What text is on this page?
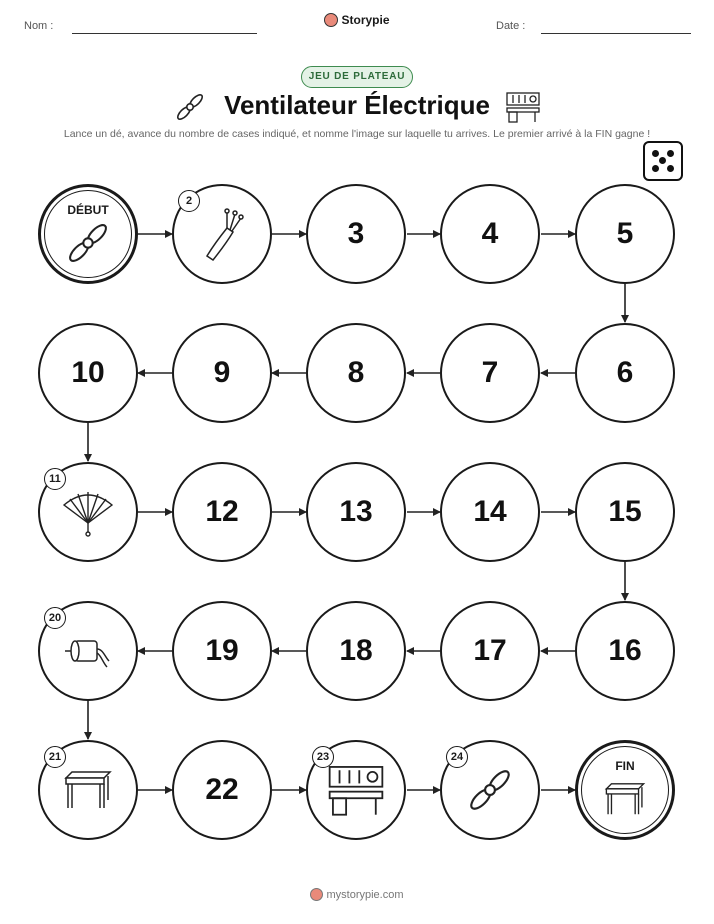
Nom :	Storypie	Date :
JEU DE PLATEAU
Ventilateur Électrique
Lance un dé, avance du nombre de cases indiqué, et nomme l'image sur laquelle tu arrives. Le premier arrivé à la FIN gagne !
DÉBUT
2
3	4	5
6
7
8
9
10
11
12	13	14	15
16
17
18
19
20
21
22
23	24
FIN
mystorypie.com
